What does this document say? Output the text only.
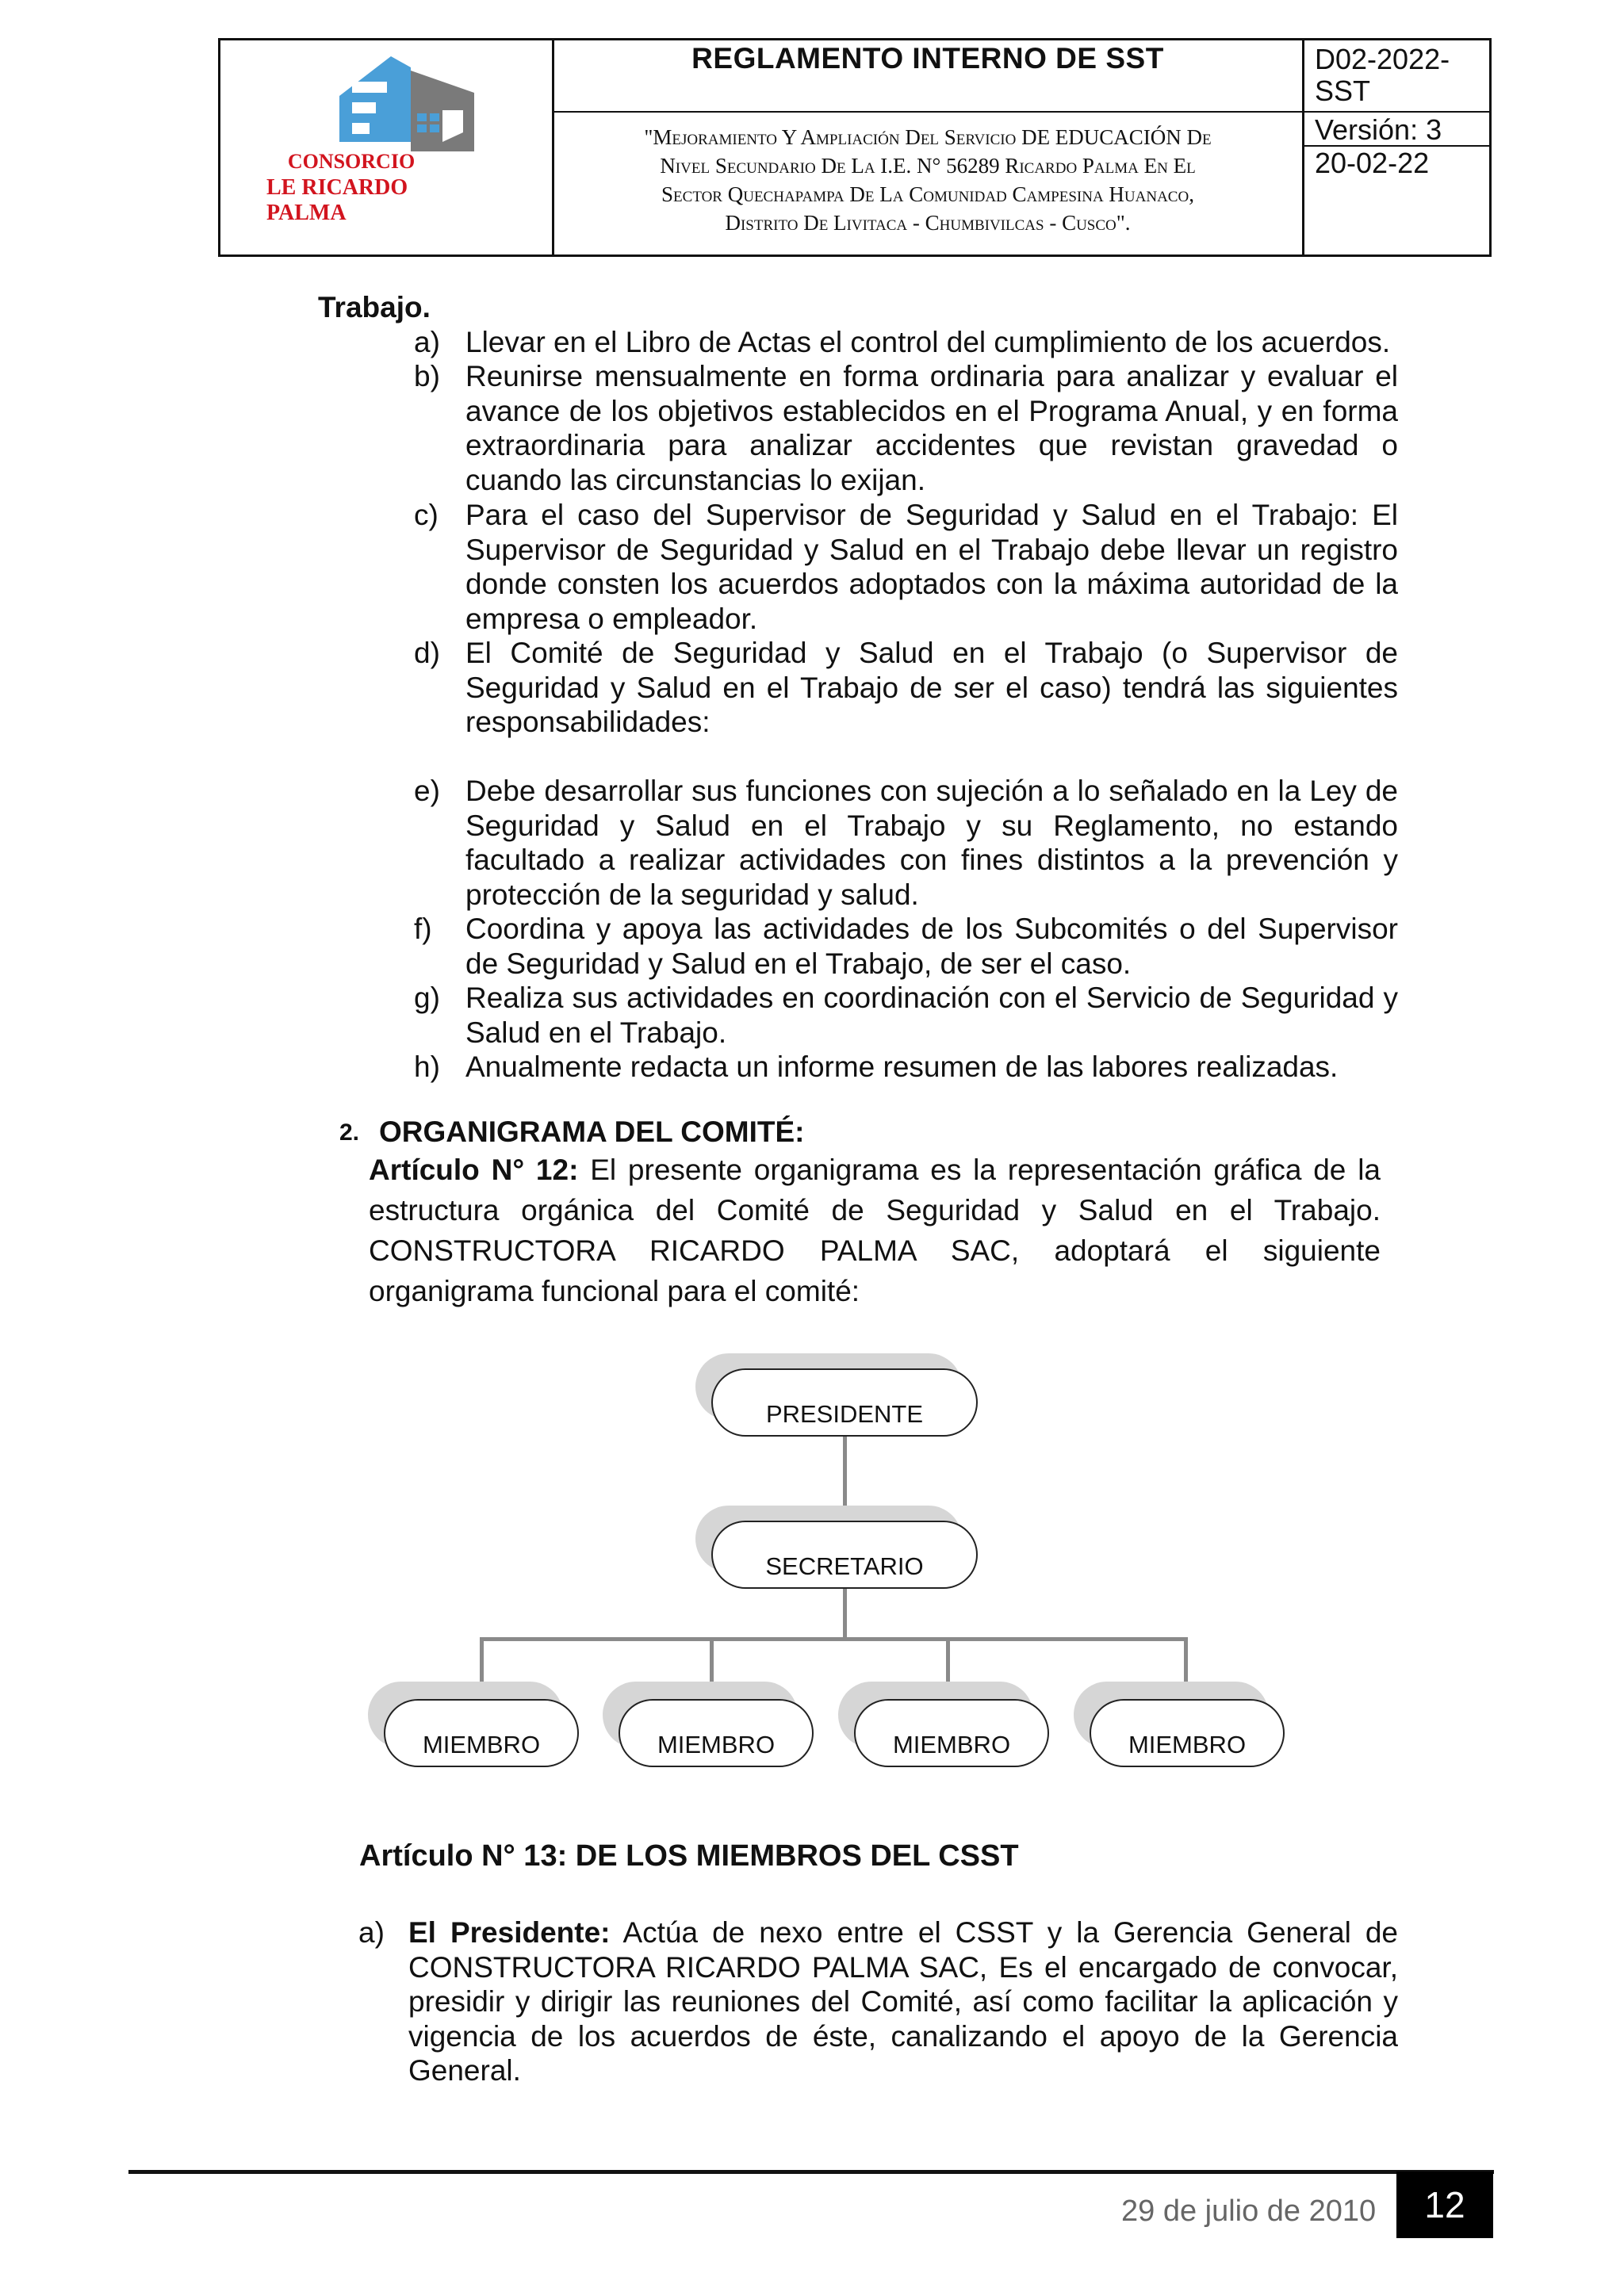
CONSORCIO
LE RICARDO PALMA
REGLAMENTO INTERNO DE SST
"Mejoramiento Y Ampliación Del Servicio DE EDUCACIÓN De
Nivel Secundario De La I.E. N° 56289 Ricardo Palma En El
Sector Quechapampa De La Comunidad Campesina Huanaco,
Distrito De Livitaca - Chumbivilcas - Cusco".
D02-2022-
SST
Versión: 3
20-02-22
Trabajo.
a) Llevar en el Libro de Actas el control del cumplimiento de los acuerdos.
b) Reunirse mensualmente en forma ordinaria para analizar y evaluar el avance de los objetivos establecidos en el Programa Anual, y en forma extraordinaria para analizar accidentes que revistan gravedad o cuando las circunstancias lo exijan.
c) Para el caso del Supervisor de Seguridad y Salud en el Trabajo: El Supervisor de Seguridad y Salud en el Trabajo debe llevar un registro donde consten los acuerdos adoptados con la máxima autoridad de la empresa o empleador.
d) El Comité de Seguridad y Salud en el Trabajo (o Supervisor de Seguridad y Salud en el Trabajo de ser el caso) tendrá las siguientes responsabilidades:
e) Debe desarrollar sus funciones con sujeción a lo señalado en la Ley de Seguridad y Salud en el Trabajo y su Reglamento, no estando facultado a realizar actividades con fines distintos a la prevención y protección de la seguridad y salud.
f) Coordina y apoya las actividades de los Subcomités o del Supervisor de Seguridad y Salud en el Trabajo, de ser el caso.
g) Realiza sus actividades en coordinación con el Servicio de Seguridad y Salud en el Trabajo.
h) Anualmente redacta un informe resumen de las labores realizadas.
2. ORGANIGRAMA DEL COMITÉ:
Artículo N° 12: El presente organigrama es la representación gráfica de la estructura orgánica del Comité de Seguridad y Salud en el Trabajo. CONSTRUCTORA RICARDO PALMA SAC, adoptará el siguiente organigrama funcional para el comité:
PRESIDENTE
SECRETARIO
MIEMBRO	MIEMBRO	MIEMBRO	MIEMBRO
Artículo N° 13: DE LOS MIEMBROS DEL CSST
a) El Presidente: Actúa de nexo entre el CSST y la Gerencia General de CONSTRUCTORA RICARDO PALMA SAC, Es el encargado de convocar, presidir y dirigir las reuniones del Comité, así como facilitar la aplicación y vigencia de los acuerdos de éste, canalizando el apoyo de la Gerencia General.
29 de julio de 2010	12
